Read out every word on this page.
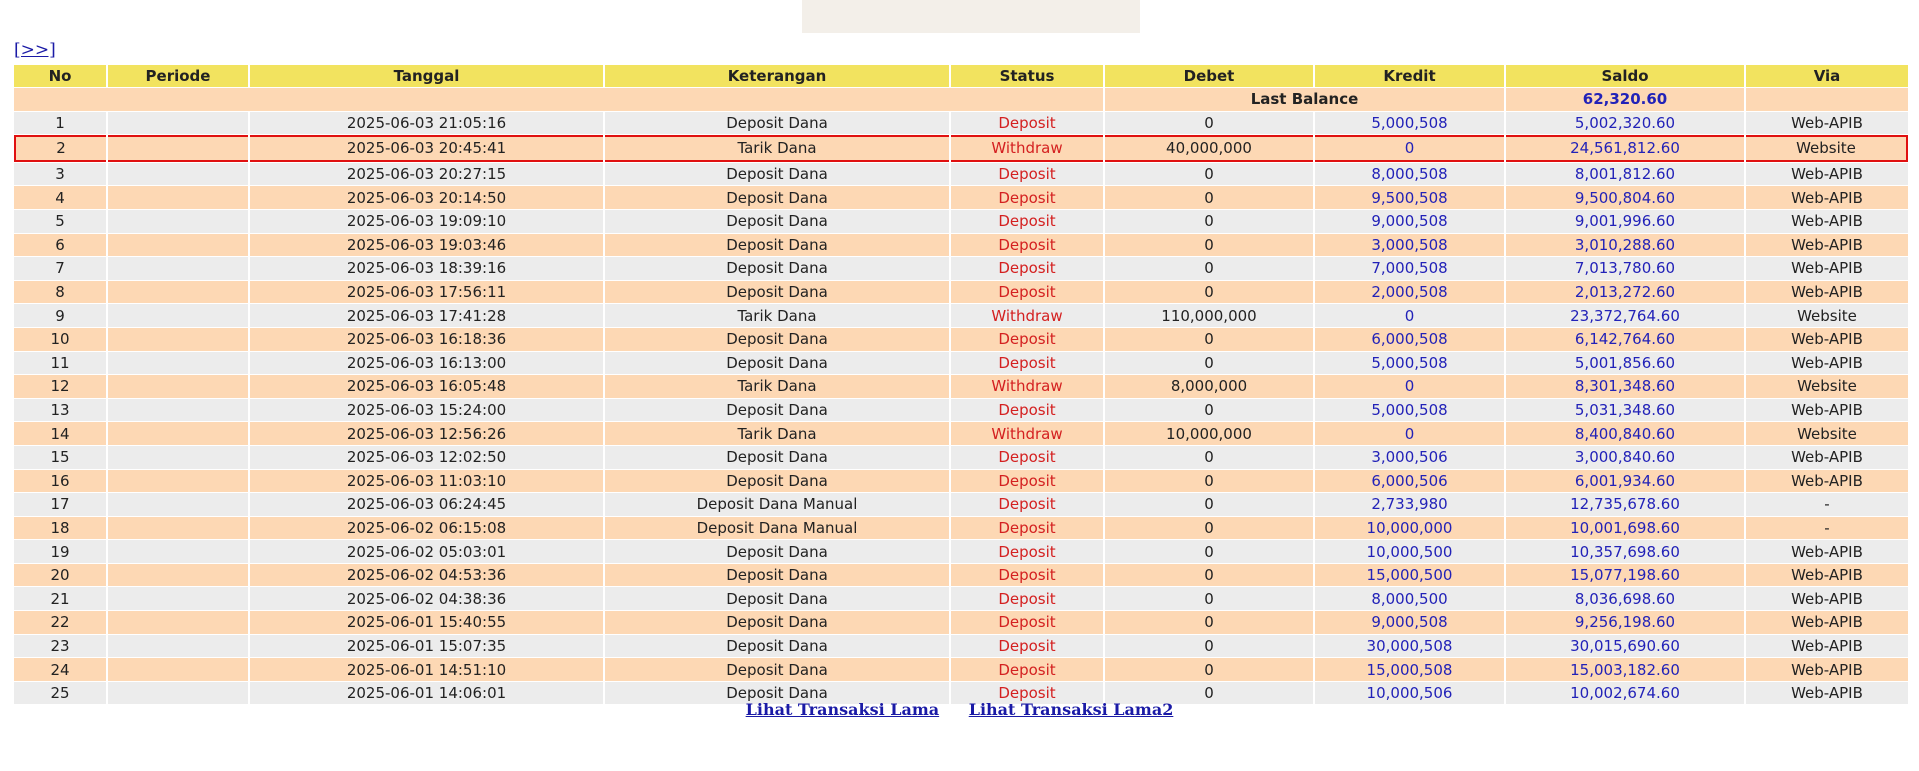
[>>]
No	Periode	Tanggal	Keterangan	Status	Debet	Kredit	Saldo	Via
					Last Balance		62,320.60	
1		2025-06-03 21:05:16	Deposit Dana	Deposit	0	5,000,508	5,002,320.60	Web-APIB
2		2025-06-03 20:45:41	Tarik Dana	Withdraw	40,000,000	0	24,561,812.60	Website
3		2025-06-03 20:27:15	Deposit Dana	Deposit	0	8,000,508	8,001,812.60	Web-APIB
4		2025-06-03 20:14:50	Deposit Dana	Deposit	0	9,500,508	9,500,804.60	Web-APIB
5		2025-06-03 19:09:10	Deposit Dana	Deposit	0	9,000,508	9,001,996.60	Web-APIB
6		2025-06-03 19:03:46	Deposit Dana	Deposit	0	3,000,508	3,010,288.60	Web-APIB
7		2025-06-03 18:39:16	Deposit Dana	Deposit	0	7,000,508	7,013,780.60	Web-APIB
8		2025-06-03 17:56:11	Deposit Dana	Deposit	0	2,000,508	2,013,272.60	Web-APIB
9		2025-06-03 17:41:28	Tarik Dana	Withdraw	110,000,000	0	23,372,764.60	Website
10		2025-06-03 16:18:36	Deposit Dana	Deposit	0	6,000,508	6,142,764.60	Web-APIB
11		2025-06-03 16:13:00	Deposit Dana	Deposit	0	5,000,508	5,001,856.60	Web-APIB
12		2025-06-03 16:05:48	Tarik Dana	Withdraw	8,000,000	0	8,301,348.60	Website
13		2025-06-03 15:24:00	Deposit Dana	Deposit	0	5,000,508	5,031,348.60	Web-APIB
14		2025-06-03 12:56:26	Tarik Dana	Withdraw	10,000,000	0	8,400,840.60	Website
15		2025-06-03 12:02:50	Deposit Dana	Deposit	0	3,000,506	3,000,840.60	Web-APIB
16		2025-06-03 11:03:10	Deposit Dana	Deposit	0	6,000,506	6,001,934.60	Web-APIB
17		2025-06-03 06:24:45	Deposit Dana Manual	Deposit	0	2,733,980	12,735,678.60	-
18		2025-06-02 06:15:08	Deposit Dana Manual	Deposit	0	10,000,000	10,001,698.60	-
19		2025-06-02 05:03:01	Deposit Dana	Deposit	0	10,000,500	10,357,698.60	Web-APIB
20		2025-06-02 04:53:36	Deposit Dana	Deposit	0	15,000,500	15,077,198.60	Web-APIB
21		2025-06-02 04:38:36	Deposit Dana	Deposit	0	8,000,500	8,036,698.60	Web-APIB
22		2025-06-01 15:40:55	Deposit Dana	Deposit	0	9,000,508	9,256,198.60	Web-APIB
23		2025-06-01 15:07:35	Deposit Dana	Deposit	0	30,000,508	30,015,690.60	Web-APIB
24		2025-06-01 14:51:10	Deposit Dana	Deposit	0	15,000,508	15,003,182.60	Web-APIB
25		2025-06-01 14:06:01	Deposit Dana	Deposit	0	10,000,506	10,002,674.60	Web-APIB
Lihat Transaksi Lama Lihat Transaksi Lama2
